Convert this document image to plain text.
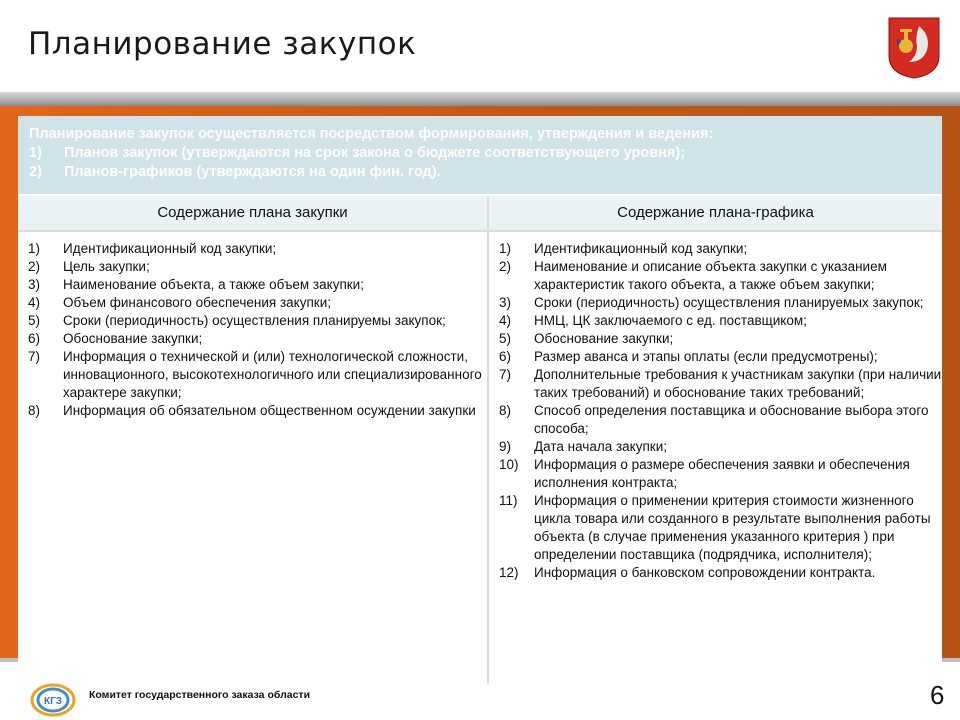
Планирование закупок
Планирование закупок осуществляется посредством формирования, утверждения и ведения:
1)	Планов закупок (утверждаются на срок закона о бюджете соответствующего уровня);
2)	Планов-графиков (утверждаются на один фин. год).
Содержание плана закупки
1)	Идентификационный код закупки;
2)	Цель закупки;
3)	Наименование объекта, а также объем закупки;
4)	Объем финансового обеспечения закупки;
5)	Сроки (периодичность) осуществления планируемы закупок;
6)	Обоснование закупки;
7)	Информация о технической и (или) технологической сложности, инновационного, высокотехнологичного или специализированного характере закупки;
8)	Информация об обязательном общественном осуждении закупки
Содержание плана-графика
1)	Идентификационный код закупки;
2)	Наименование и описание объекта закупки с указанием характеристик такого объекта, а также объем закупки;
3)	Сроки (периодичность) осуществления планируемых закупок;
4)	НМЦ, ЦК заключаемого с ед. поставщиком;
5)	Обоснование закупки;
6)	Размер аванса и этапы оплаты (если предусмотрены);
7)	Дополнительные требования к участникам закупки (при наличии таких требований) и обоснование таких требований;
8)	Способ определения поставщика и обоснование выбора этого способа;
9)	Дата начала закупки;
10)	Информация о размере обеспечения заявки и обеспечения исполнения контракта;
11)	Информация о применении критерия стоимости жизненного цикла товара или созданного в результате выполнения работы объекта (в случае применения указанного критерия ) при определении поставщика (подрядчика, исполнителя);
12)	Информация о банковском сопровождении контракта.
КГЗ
Комитет государственного заказа области	6
